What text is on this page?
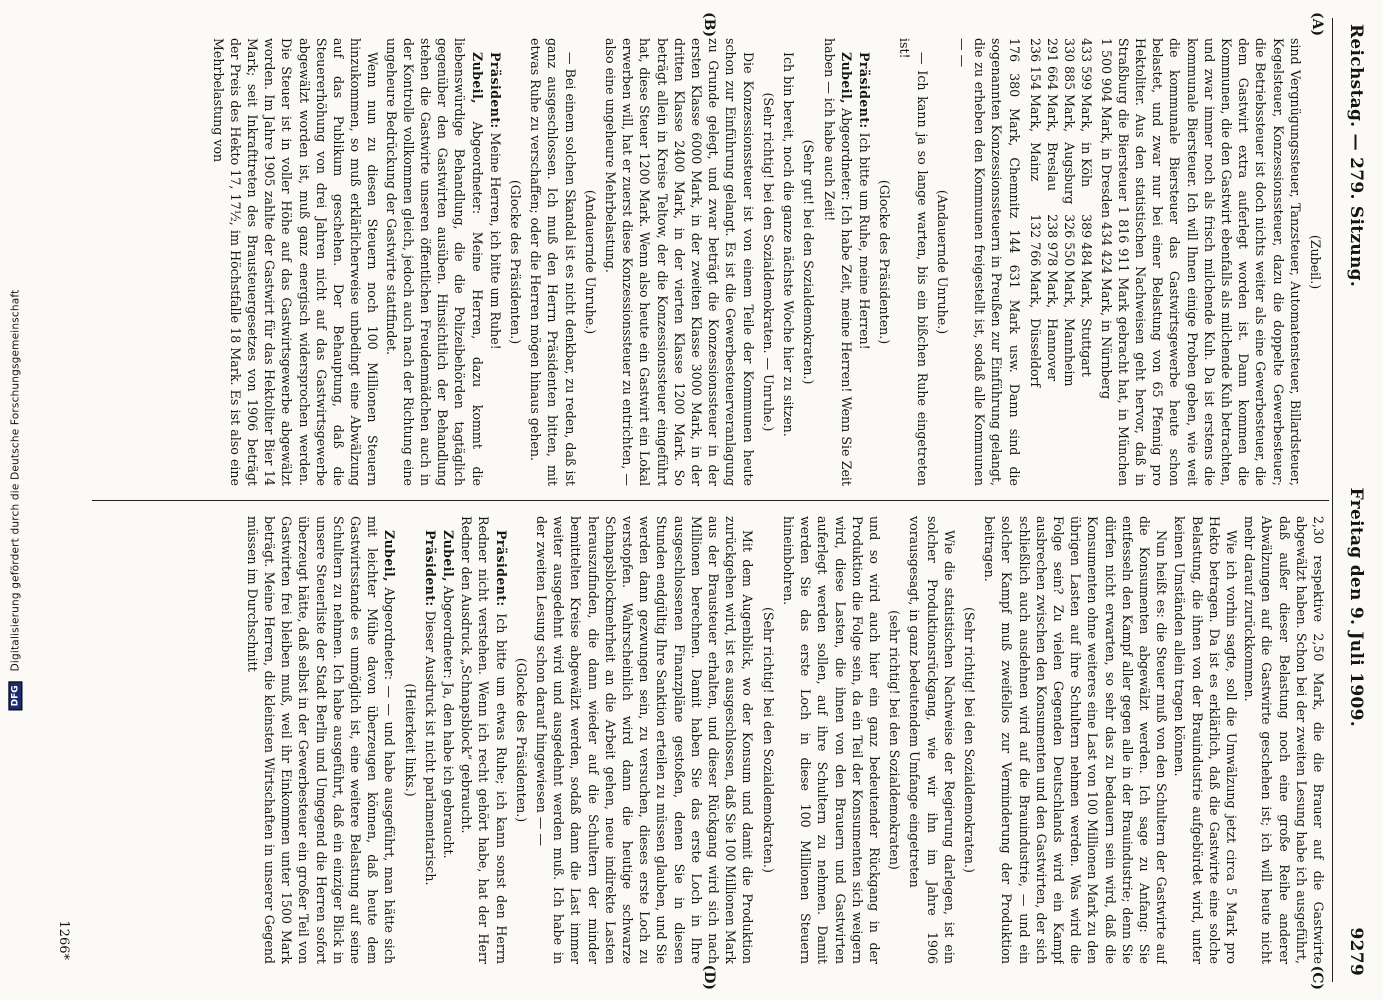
DFG
Digitalisierung gefördert durch die Deutsche Forschungsgemeinschaft
Reichstag. — 279. Sitzung.
Freitag den 9. Juli 1909.
9279
(A)
(B)
(C)
(D)

(Zubeil.)

sind Vergnügungssteuer, Tanzsteuer, Automatensteuer, Billardsteuer, Kegelsteuer, Konzessionssteuer, dazu die doppelte Gewerbesteuer; die Betriebssteuer ist doch nichts weiter als eine Gewerbesteuer, die dem Gastwirt extra auferlegt worden ist. Dann kommen die Kommunen, die den Gastwirt ebenfalls als milchende Kuh betrachten, und zwar immer noch als frisch milchende Kuh. Da ist erstens die kommunale Biersteuer. Ich will Ihnen einige Proben geben, wie weit die kommunale Biersteuer das Gastwirtsgewerbe heute schon belastet, und zwar nur bei einer Belastung von 65 Pfennig pro Hektoliter. Aus den statistischen Nachweisen geht hervor, daß in Straßburg die Biersteuer 1 816 911 Mark gebracht hat, in München 1 500 904 Mark, in Dresden 434 424 Mark, in Nürnberg

433 599 Mark,	in Köln	389 484 Mark,	Stuttgart
330 885 Mark,	Augsburg	326 550 Mark,	Mannheim
291 664 Mark,	Breslau	238 978 Mark,	Hannover
236 154 Mark,	Mainz	132 766 Mark,	Düsseldorf

176 380 Mark, Chemnitz 144 631 Mark usw. Dann sind die sogenannten Konzessionssteuern in Preußen zur Einführung gelangt, die zu erheben den Kommunen freigestellt ist, sodaß alle Kommunen — —

(Andauernde Unruhe.)

— Ich kann ja so lange warten, bis ein bißchen Ruhe eingetreten ist!

(Glocke des Präsidenten.)

Präsident: Ich bitte um Ruhe, meine Herren!

Zubeil, Abgeordneter: Ich habe Zeit, meine Herren! Wenn Sie Zeit haben — ich habe auch Zeit!

(Sehr gut! bei den Sozialdemokraten.)

Ich bin bereit, noch die ganze nächste Woche hier zu sitzen.

(Sehr richtig! bei den Sozialdemokraten. — Unruhe.)

Die Konzessionssteuer ist von einem Teile der Kommunen heute schon zur Einführung gelangt. Es ist die Gewerbesteuerveranlagung zu Grunde gelegt, und zwar beträgt die Konzessionssteuer in der ersten Klasse 6000 Mark, in der zweiten Klasse 3000 Mark, in der dritten Klasse 2400 Mark, in der vierten Klasse 1200 Mark. So beträgt allein in Kreise Teltow, der die Konzessionssteuer eingeführt hat, diese Steuer 1200 Mark. Wenn also heute ein Gastwirt ein Lokal erwerben will, hat er zuerst diese Konzessionssteuer zu entrichten, — also eine ungeheure Mehrbelastung.

(Andauernde Unruhe.)

— Bei einem solchen Skandal ist es nicht denkbar, zu reden, daß ist ganz ausgeschlossen. Ich muß den Herrn Präsidenten bitten, mit etwas Ruhe zu verschaffen; oder die Herren mögen hinaus gehen.

(Glocke des Präsidenten.)

Präsident: Meine Herren, ich bitte um Ruhe!

Zubeil, Abgeordneter: Meine Herren, dazu kommt die liebenswürdige Behandlung, die die Polizeibehörden tagtäglich gegenüber den Gastwirten ausüben. Hinsichtlich der Behandlung stehen die Gastwirte unseren öffentlichen Freudenmädchen auch in der Kontrolle vollkommen gleich, jedoch auch nach der Richtung eine ungeheure Bedrückung der Gastwirte stattfindet.

Wenn nun zu diesen Steuern noch 100 Millionen Steuern hinzukommen, so muß erklärlicherweise unbedingt eine Abwälzung auf das Publikum geschehen. Der Behauptung, daß die Steuererhöhung von drei Jahren nicht auf das Gastwirtsgewerbe abgewälzt worden ist, muß ganz energisch widersprochen werden. Die Steuer ist in voller Höhe auf das Gastwirtsgewerbe abgewälzt worden. Im Jahre 1905 zahlte der Gastwirt für das Hektoliter Bier 14 Mark; seit Inkrafttreten des Brausteuergesetzes von 1906 beträgt der Preis des Hekto 17, 17½, im Höchstfalle 18 Mark. Es ist also eine Mehrbelastung von

2,30 respektive 2,50 Mark, die die Brauer auf die Gastwirte abgewälzt haben. Schon bei der zweiten Lesung habe ich ausgeführt, daß außer dieser Belastung noch eine große Reihe anderer Abwälzungen auf die Gastwirte geschehen ist; ich will heute nicht mehr darauf zurückkommen.

Wie ich vorhin sagte, soll die Umwälzung jetzt circa 5 Mark pro Hekto betragen. Da ist es erklärlich, daß die Gastwirte eine solche Belastung, die ihnen von der Brauindustrie aufgebürdet wird, unter keinen Umständen allein tragen können.

Nun heißt es: die Steuer muß von den Schultern der Gastwirte auf die Konsumenten abgewälzt werden. Ich sage zu Anfang: Sie entfesseln den Kampf aller gegen alle in der Brauindustrie; denn Sie dürfen nicht erwarten, so sehr das zu bedauern sein wird, daß die Konsumenten ohne weiteres eine Last von 100 Millionen Mark zu den übrigen Lasten auf ihre Schultern nehmen werden. Was wird die Folge sein? Zu vielen Gegenden Deutschlands wird ein Kampf ausbrechen zwischen den Konsumenten und den Gastwirten, der sich schließlich auch ausdehnen wird auf die Brauindustrie, — und ein solcher Kampf muß zweifellos zur Verminderung der Produktion beitragen.

(Sehr richtig! bei den Sozialdemokraten.)

Wie die statistischen Nachweise der Regierung darlegen, ist ein solcher Produktionsrückgang, wie wir ihn im Jahre 1906 vorausgesagt, in ganz bedeutendem Umfange eingetreten

(sehr richtig! bei den Sozialdemokraten)

und so wird auch hier ein ganz bedeutender Rückgang in der Produktion die Folge sein, da ein Teil der Konsumenten sich weigern wird, diese Lasten, die ihnen von den Brauern und Gastwirten auferlegt werden sollen, auf ihre Schultern zu nehmen. Damit werden Sie das erste Loch in diese 100 Millionen Steuern hineinbohren.

(Sehr richtig! bei den Sozialdemokraten.)

Mit dem Augenblick, wo der Konsum und damit die Produktion zurückgehen wird, ist es ausgeschlossen, daß Sie 100 Millionen Mark aus der Brausteuer erhalten, und dieser Rückgang wird sich nach Millionen berechnen. Damit haben Sie das erste Loch in Ihre ausgeschlossenen Finanzpläne gestoßen, denen Sie in diesen Stunden endgültig Ihre Sanktion erteilen zu müssen glauben, und Sie werden dann gezwungen sein, zu versuchen, dieses erste Loch zu verstopfen. Wahrscheinlich wird dann die heutige schwarze Schnapsblockmehrheit an die Arbeit gehen, neue indirekte Lasten herauszufinden, die dann wieder auf die Schultern der minder bemittelten Kreise abgewälzt werden, sodaß dann die Last immer weiter ausgedehnt wird und ausgedehnt werden muß. Ich habe in der zweiten Lesung schon darauf hingewiesen — —

(Glocke des Präsidenten.)

Präsident: Ich bitte um etwas Ruhe; ich kann sonst den Herrn Redner nicht verstehen. Wenn ich recht gehört habe, hat der Herr Redner den Ausdruck „Schnapsblock“ gebraucht.

Zubeil, Abgeordneter: Ja, den habe ich gebraucht.

Präsident: Dieser Ausdruck ist nicht parlamentarisch.

(Heiterkeit links.)

Zubeil, Abgeordneter: — — und habe ausgeführt, man hätte sich mit leichter Mühe davon überzeugen können, daß heute dem Gastwirtsstande es unmöglich ist, eine weitere Belastung auf seine Schultern zu nehmen. Ich habe ausgeführt, daß ein einziger Blick in unsere Steuerliste der Stadt Berlin und Umgegend die Herren sofort überzeugt hätte, daß selbst in der Gewerbesteuer ein großer Teil von Gastwirten frei bleiben muß, weil ihr Einkommen unter 1500 Mark beträgt. Meine Herren, die kleinsten Wirtschaften in unserer Gegend müssen im Durchschnitt

1266*
